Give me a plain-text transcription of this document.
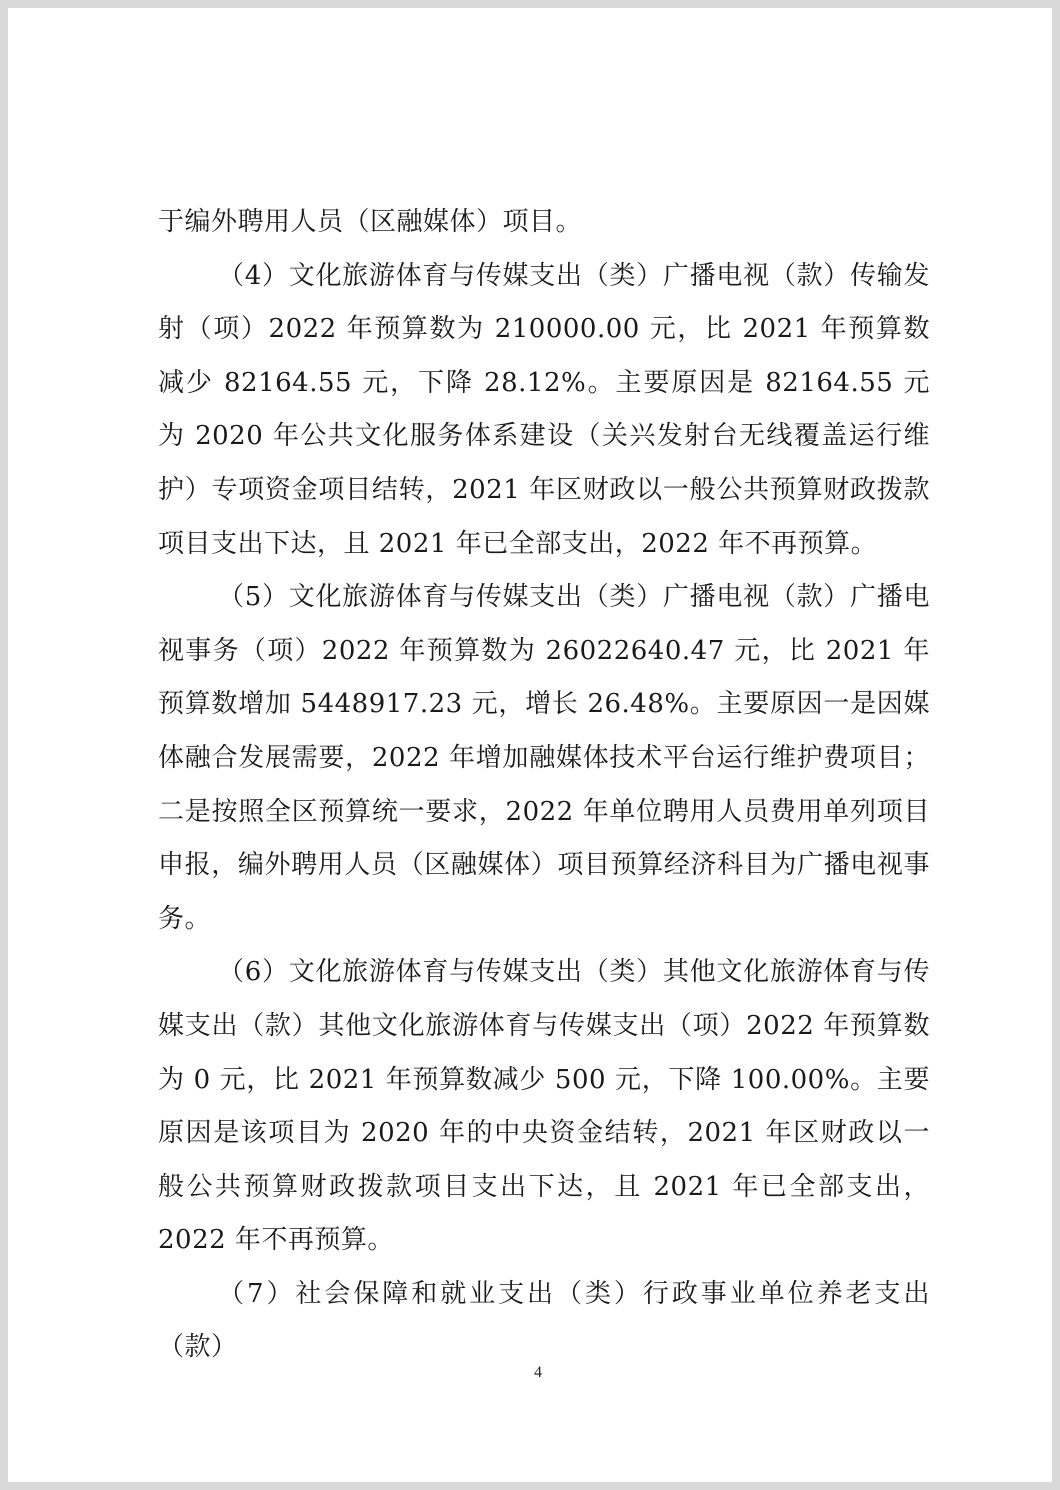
于编外聘用人员（区融媒体）项目。

（4）文化旅游体育与传媒支出（类）广播电视（款）传输发射（项）2022 年预算数为 210000.00 元，比 2021 年预算数减少 82164.55 元，下降 28.12%。主要原因是 82164.55 元为 2020 年公共文化服务体系建设（关兴发射台无线覆盖运行维护）专项资金项目结转，2021 年区财政以一般公共预算财政拨款项目支出下达，且 2021 年已全部支出，2022 年不再预算。

（5）文化旅游体育与传媒支出（类）广播电视（款）广播电视事务（项）2022 年预算数为 26022640.47 元，比 2021 年预算数增加 5448917.23 元，增长 26.48%。主要原因一是因媒体融合发展需要，2022 年增加融媒体技术平台运行维护费项目；二是按照全区预算统一要求，2022 年单位聘用人员费用单列项目申报，编外聘用人员（区融媒体）项目预算经济科目为广播电视事务。

（6）文化旅游体育与传媒支出（类）其他文化旅游体育与传媒支出（款）其他文化旅游体育与传媒支出（项）2022 年预算数为 0 元，比 2021 年预算数减少 500 元，下降 100.00%。主要原因是该项目为 2020 年的中央资金结转，2021 年区财政以一般公共预算财政拨款项目支出下达，且 2021 年已全部支出，2022 年不再预算。

（7）社会保障和就业支出（类）行政事业单位养老支出（款）

4
